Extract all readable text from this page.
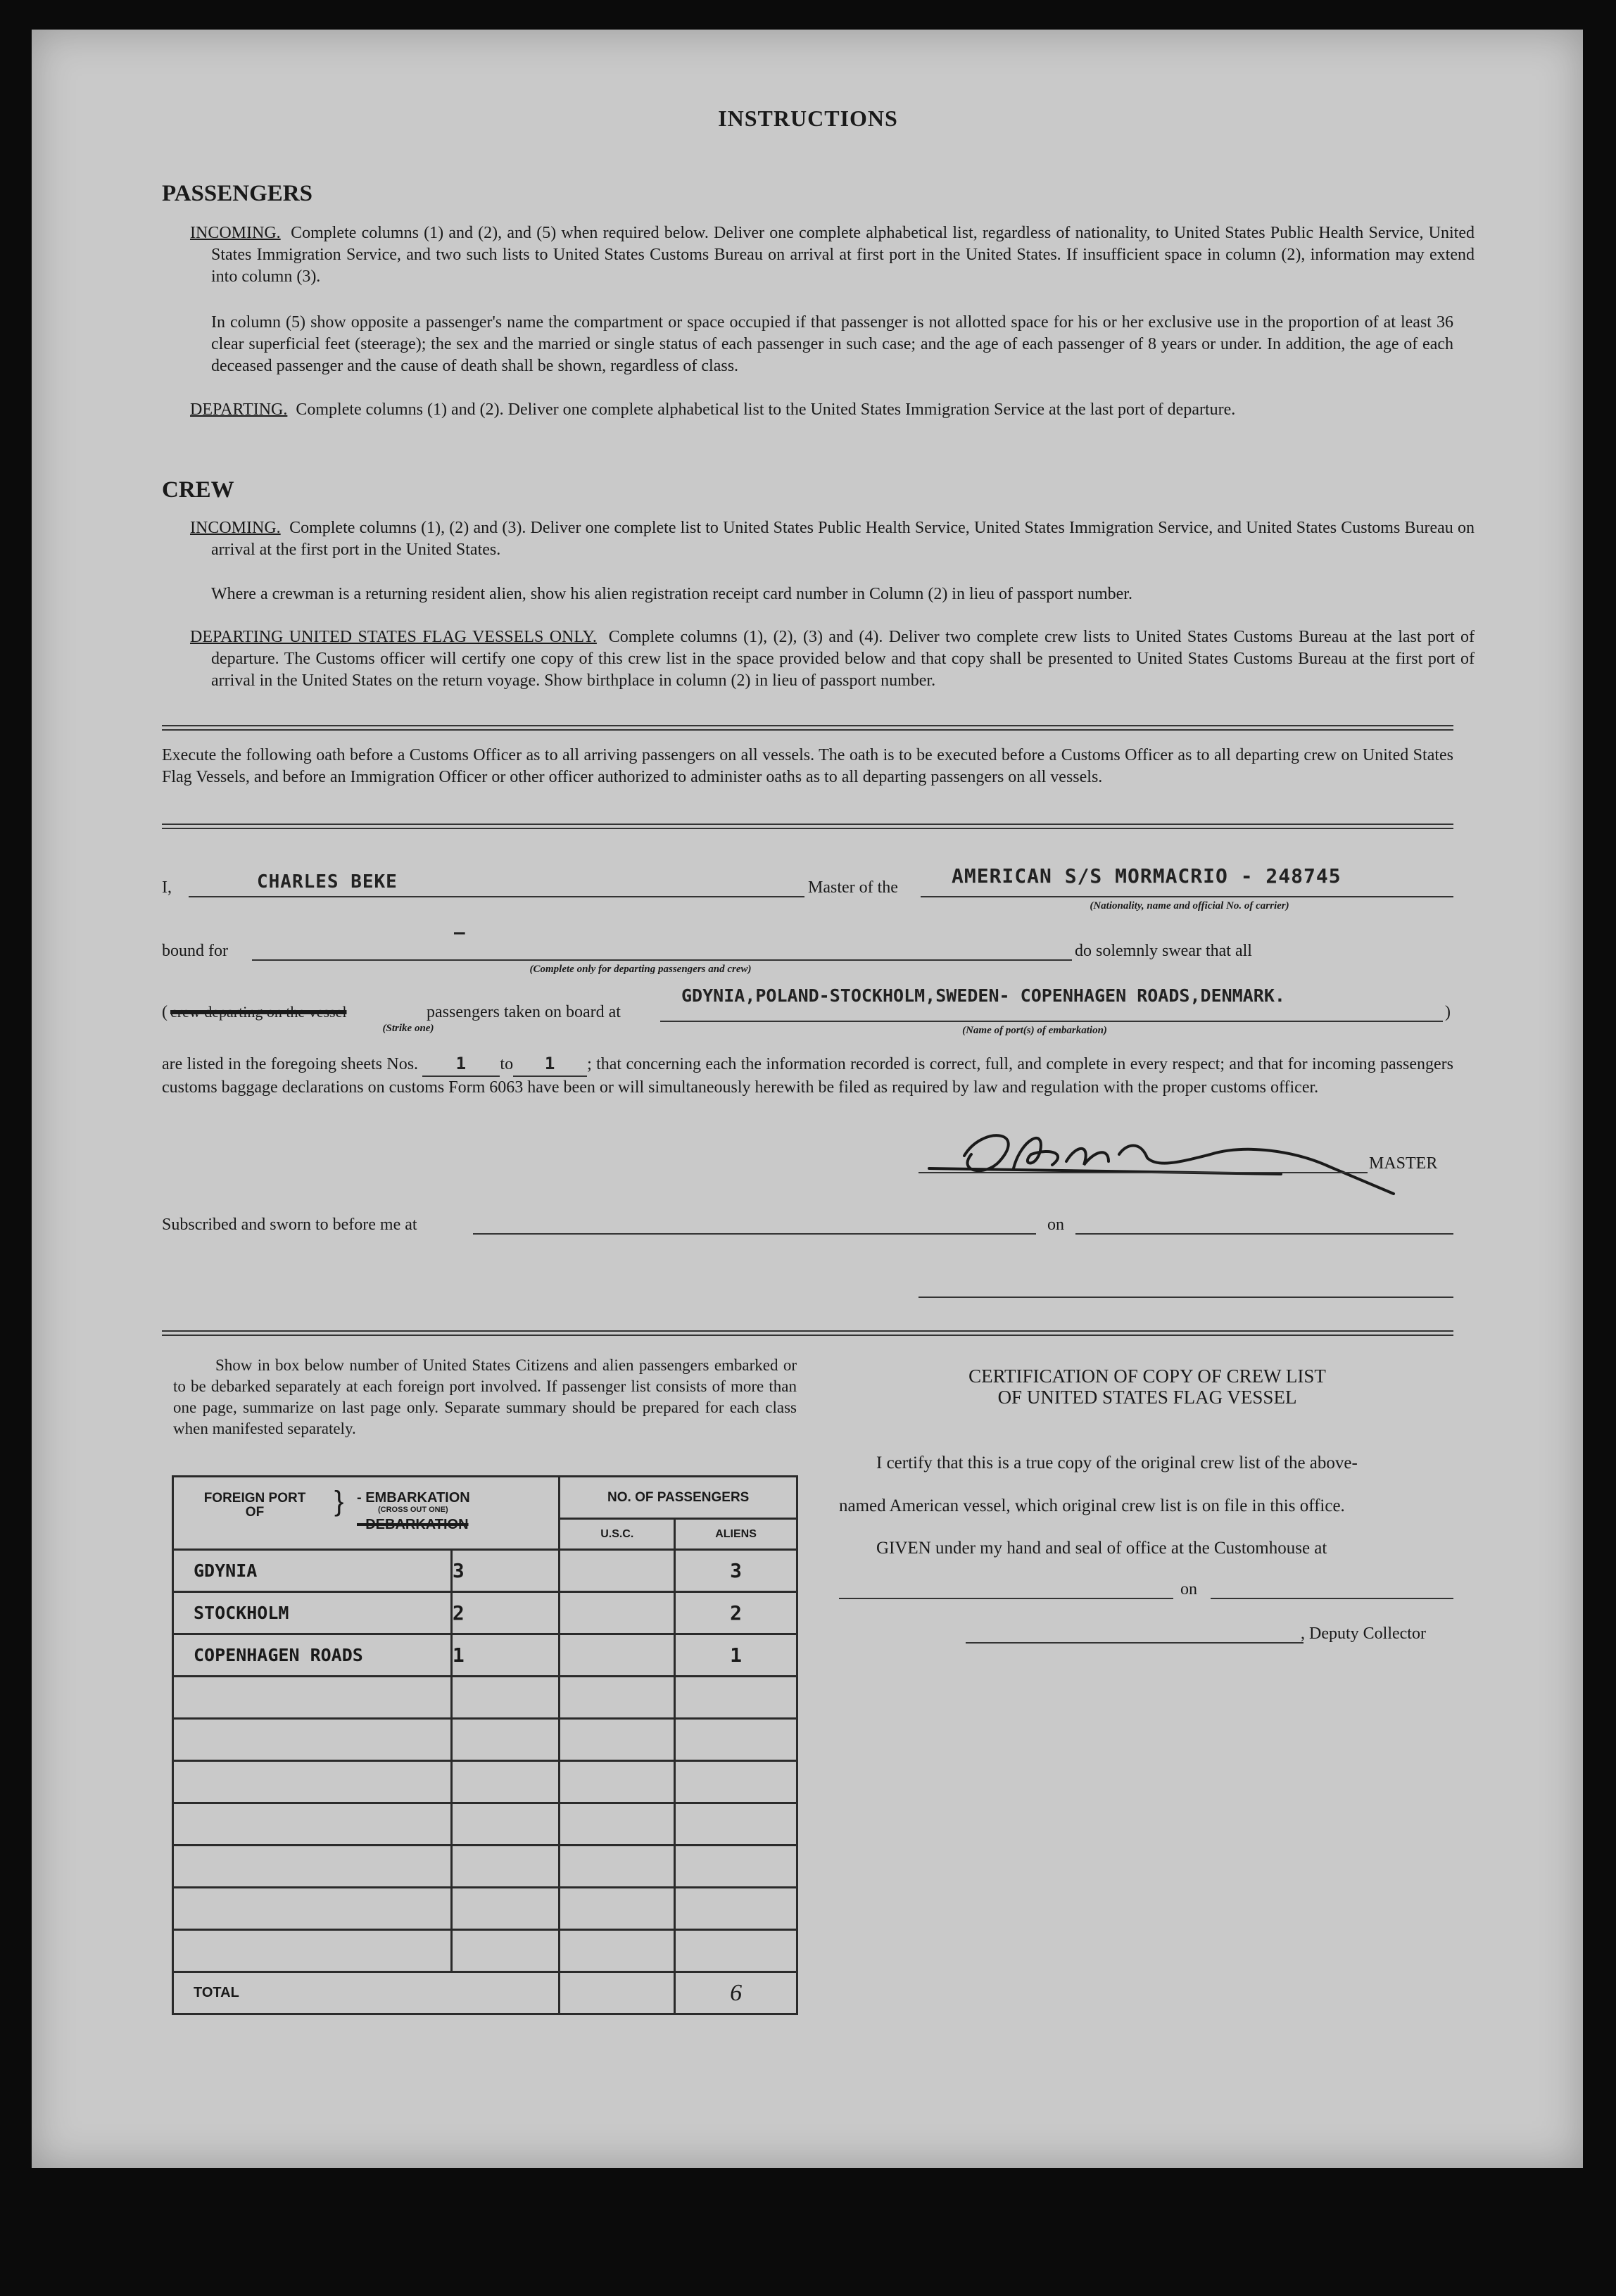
INSTRUCTIONS
PASSENGERS
INCOMING. Complete columns (1) and (2), and (5) when required below. Deliver one complete alphabetical list, regardless of nationality, to United States Public Health Service, United States Immigration Service, and two such lists to United States Customs Bureau on arrival at first port in the United States. If insufficient space in column (2), information may extend into column (3).
In column (5) show opposite a passenger's name the compartment or space occupied if that passenger is not allotted space for his or her exclusive use in the proportion of at least 36 clear superficial feet (steerage); the sex and the married or single status of each passenger in such case; and the age of each passenger of 8 years or under. In addition, the age of each deceased passenger and the cause of death shall be shown, regardless of class.
DEPARTING. Complete columns (1) and (2). Deliver one complete alphabetical list to the United States Immigration Service at the last port of departure.
CREW
INCOMING. Complete columns (1), (2) and (3). Deliver one complete list to United States Public Health Service, United States Immigration Service, and United States Customs Bureau on arrival at the first port in the United States.
Where a crewman is a returning resident alien, show his alien registration receipt card number in Column (2) in lieu of passport number.
DEPARTING UNITED STATES FLAG VESSELS ONLY. Complete columns (1), (2), (3) and (4). Deliver two complete crew lists to United States Customs Bureau at the last port of departure. The Customs officer will certify one copy of this crew list in the space provided below and that copy shall be presented to United States Customs Bureau at the first port of arrival in the United States on the return voyage. Show birthplace in column (2) in lieu of passport number.
Execute the following oath before a Customs Officer as to all arriving passengers on all vessels. The oath is to be executed before a Customs Officer as to all departing crew on United States Flag Vessels, and before an Immigration Officer or other officer authorized to administer oaths as to all departing passengers on all vessels.
I,	CHARLES BEKE	Master of the	AMERICAN S/S MORMACRIO - 248745
(Nationality, name and official No. of carrier)
bound for
—
(Complete only for departing passengers and crew)
do solemnly swear that all
( crew departing on the vessel
(Strike one)
passengers taken on board at
GDYNIA,POLAND-STOCKHOLM,SWEDEN- COPENHAGEN ROADS,DENMARK.
(Name of port(s) of embarkation)
)
are listed in the foregoing sheets Nos. 1 to 1 ; that concerning each the information recorded is correct, full, and complete in every respect; and that for incoming passengers customs baggage declarations on customs Form 6063 have been or will simultaneously herewith be filed as required by law and regulation with the proper customs officer.
MASTER
Subscribed and sworn to before me at	on
Show in box below number of United States Citizens and alien passengers embarked or to be debarked separately at each foreign port involved. If passenger list consists of more than one page, summarize on last page only. Separate summary should be prepared for each class when manifested separately.
FOREIGN PORT OF } - EMBARKATION
(CROSS OUT ONE)
- DEBARKATION		NO. OF PASSENGERS	
		U.S.C.	ALIENS
GDYNIA	3		3
STOCKHOLM	2		2
COPENHAGEN ROADS	1		1

TOTAL			6
CERTIFICATION OF COPY OF CREW LIST
OF UNITED STATES FLAG VESSEL
I certify that this is a true copy of the original crew list of the above-
named American vessel, which original crew list is on file in this office.
GIVEN under my hand and seal of office at the Customhouse at
on
, Deputy Collector
